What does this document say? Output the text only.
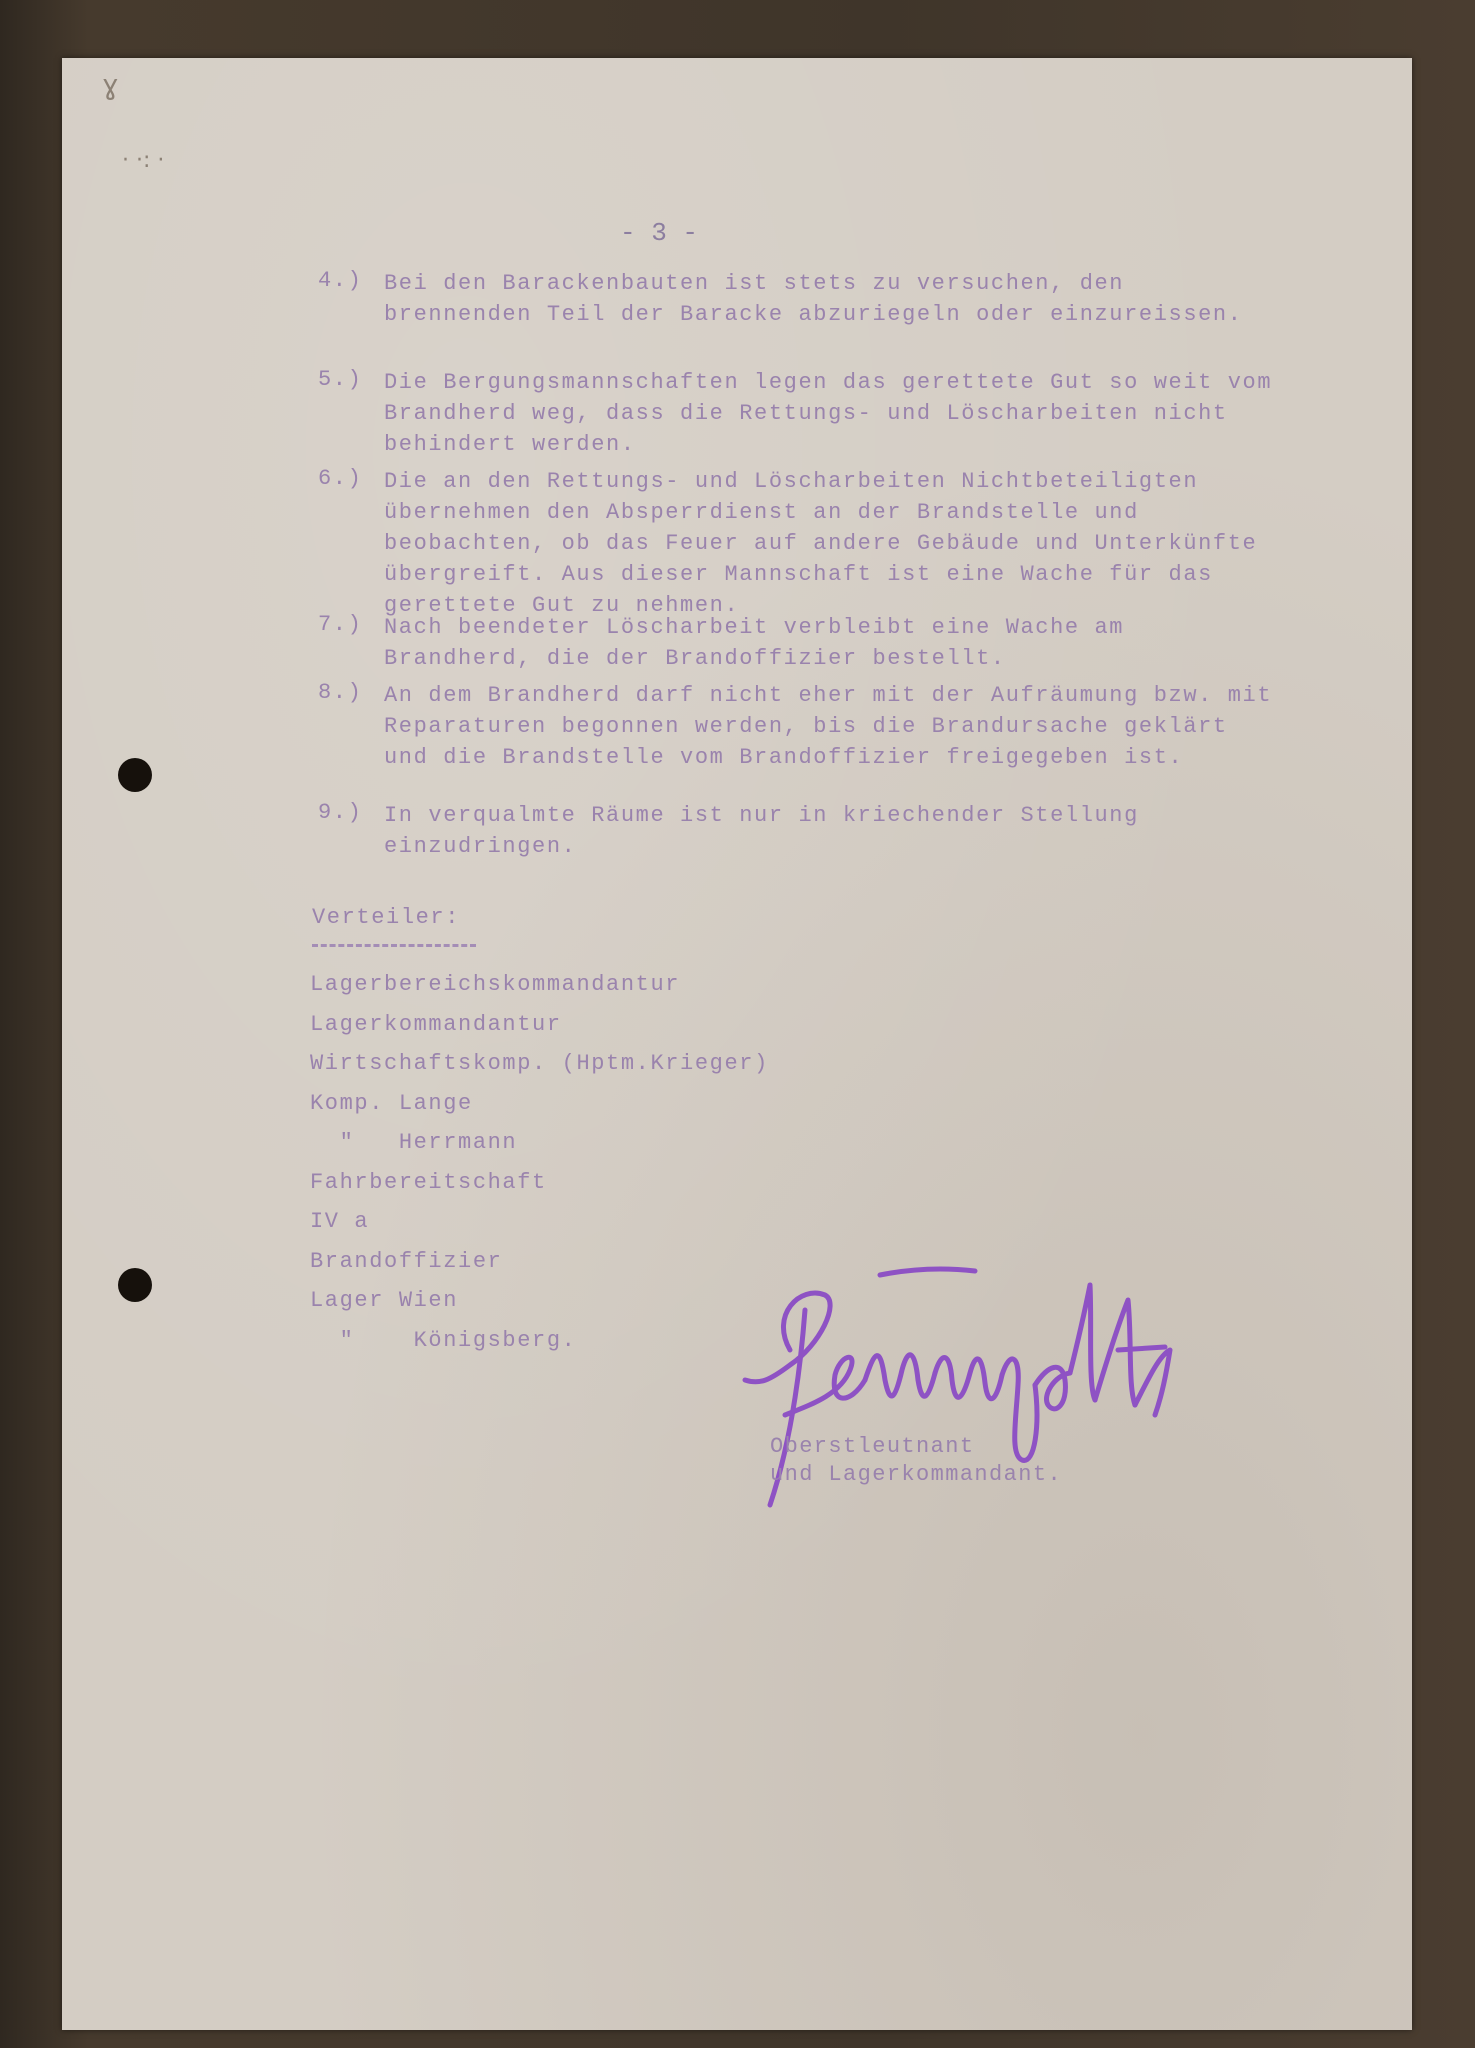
ɣ
· ·: ·
- 3 -
4.) Bei den Barackenbauten ist stets zu versuchen, den brennenden Teil der Baracke abzuriegeln oder einzureissen.
5.) Die Bergungsmannschaften legen das gerettete Gut so weit vom Brandherd weg, dass die Rettungs- und Löscharbeiten nicht behindert werden.
6.) Die an den Rettungs- und Löscharbeiten Nichtbeteiligten übernehmen den Absperrdienst an der Brandstelle und beobachten, ob das Feuer auf andere Gebäude und Unterkünfte übergreift. Aus dieser Mannschaft ist eine Wache für das gerettete Gut zu nehmen.
7.) Nach beendeter Löscharbeit verbleibt eine Wache am Brandherd, die der Brandoffizier bestellt.
8.) An dem Brandherd darf nicht eher mit der Aufräumung bzw. mit Reparaturen begonnen werden, bis die Brandursache geklärt und die Brandstelle vom Brandoffizier freigegeben ist.
9.) In verqualmte Räume ist nur in kriechender Stellung einzudringen.
Verteiler:
Lagerbereichskommandantur
Lagerkommandantur
Wirtschaftskomp. (Hptm.Krieger)
Komp. Lange
"   Herrmann
Fahrbereitschaft
IV a
Brandoffizier
Lager Wien
"    Königsberg.
Oberstleutnant
und Lagerkommandant.
